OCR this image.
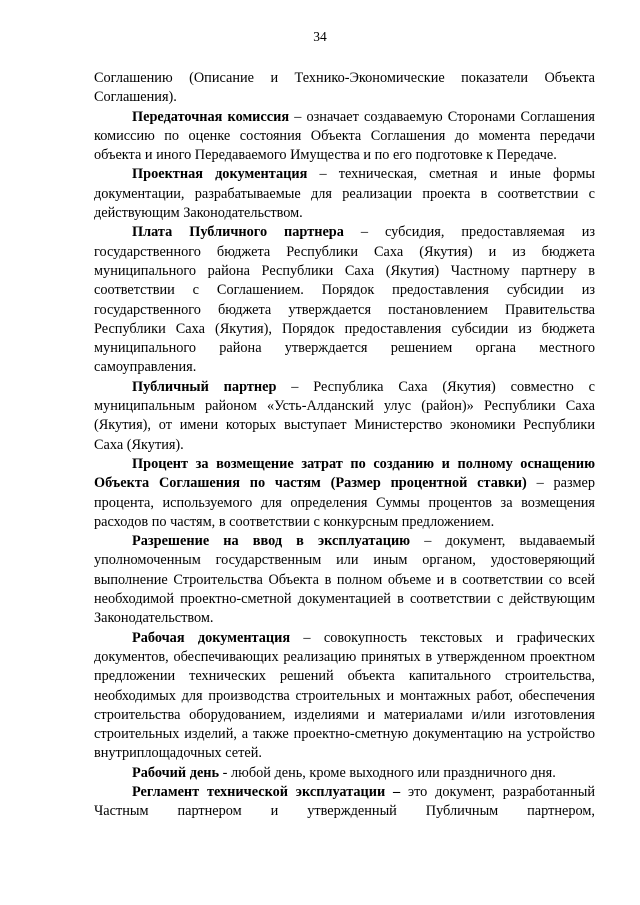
34

Соглашению (Описание и Технико-Экономические показатели Объекта Соглашения).

Передаточная комиссия – означает создаваемую Сторонами Соглашения комиссию по оценке состояния Объекта Соглашения до момента передачи объекта и иного Передаваемого Имущества и по его подготовке к Передаче.

Проектная документация – техническая, сметная и иные формы документации, разрабатываемые для реализации проекта в соответствии с действующим Законодательством.

Плата Публичного партнера – субсидия, предоставляемая из государственного бюджета Республики Саха (Якутия) и из бюджета муниципального района Республики Саха (Якутия) Частному партнеру в соответствии с Соглашением. Порядок предоставления субсидии из государственного бюджета утверждается постановлением Правительства Республики Саха (Якутия), Порядок предоставления субсидии из бюджета муниципального района утверждается решением органа местного самоуправления.

Публичный партнер – Республика Саха (Якутия) совместно с муниципальным районом «Усть-Алданский улус (район)» Республики Саха (Якутия), от имени которых выступает Министерство экономики Республики Саха (Якутия).

Процент за возмещение затрат по созданию и полному оснащению Объекта Соглашения по частям (Размер процентной ставки) – размер процента, используемого для определения Суммы процентов за возмещения расходов по частям, в соответствии с конкурсным предложением.

Разрешение на ввод в эксплуатацию – документ, выдаваемый уполномоченным государственным или иным органом, удостоверяющий выполнение Строительства Объекта в полном объеме и в соответствии со всей необходимой проектно-сметной документацией в соответствии с действующим Законодательством.

Рабочая документация – совокупность текстовых и графических документов, обеспечивающих реализацию принятых в утвержденном проектном предложении технических решений объекта капитального строительства, необходимых для производства строительных и монтажных работ, обеспечения строительства оборудованием, изделиями и материалами и/или изготовления строительных изделий, а также проектно-сметную документацию на устройство внутриплощадочных сетей.

Рабочий день - любой день, кроме выходного или праздничного дня.

Регламент технической эксплуатации – это документ, разработанный Частным партнером и утвержденный Публичным партнером,
